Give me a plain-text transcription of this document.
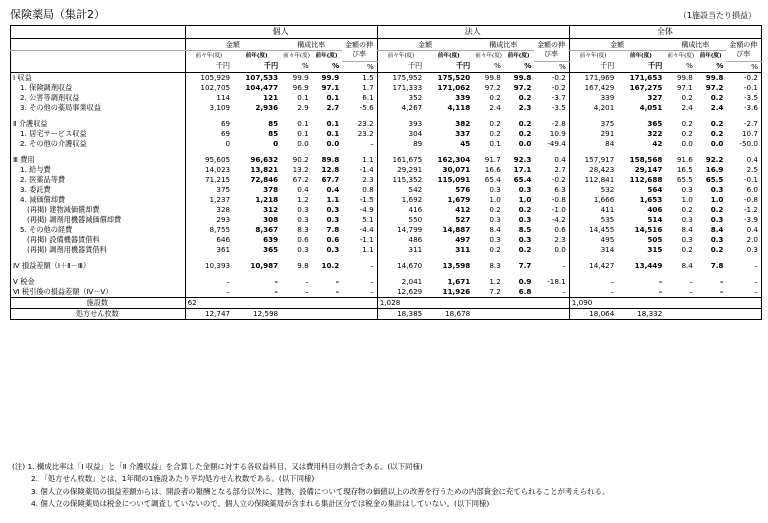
保険薬局（集計2）	（1施設当たり損益）
	個人					法人					全体				
	金額		構成比率		金額の伸び率	金額		構成比率		金額の伸び率	金額		構成比率		金額の伸び率
	前々年(度)	前年(度)	前々年(度)	前年(度)		前々年(度)	前年(度)	前々年(度)	前年(度)		前々年(度)	前年(度)	前々年(度)	前年(度)	
	千円	千円	%	%	%	千円	千円	%	%	%	千円	千円	%	%	%
Ⅰ 収益	105,929	107,533	99.9	99.9	1.5	175,952	175,520	99.8	99.8	-0.2	171,969	171,653	99.8	99.8	-0.2
1. 保険調剤収益	102,705	104,477	96.9	97.1	1.7	171,333	171,062	97.2	97.2	-0.2	167,429	167,275	97.1	97.2	-0.1
2. 公害等調剤収益	114	121	0.1	0.1	6.1	352	339	0.2	0.2	-3.7	339	327	0.2	0.2	-3.5
3. その他の薬局事業収益	3,109	2,936	2.9	2.7	-5.6	4,267	4,118	2.4	2.3	-3.5	4,201	4,051	2.4	2.4	-3.6

Ⅱ 介護収益	69	85	0.1	0.1	23.2	393	382	0.2	0.2	-2.8	375	365	0.2	0.2	-2.7
1. 居宅サービス収益	69	85	0.1	0.1	23.2	304	337	0.2	0.2	10.9	291	322	0.2	0.2	10.7
2. その他の介護収益	0	0	0.0	0.0	–	89	45	0.1	0.0	-49.4	84	42	0.0	0.0	-50.0

Ⅲ 費用	95,605	96,632	90.2	89.8	1.1	161,675	162,304	91.7	92.3	0.4	157,917	158,568	91.6	92.2	0.4
1. 給与費	14,023	13,821	13.2	12.8	-1.4	29,291	30,071	16.6	17.1	2.7	28,423	29,147	16.5	16.9	2.5
2. 医薬品等費	71,215	72,846	67.2	67.7	2.3	115,352	115,091	65.4	65.4	-0.2	112,841	112,688	65.5	65.5	-0.1
3. 委託費	375	378	0.4	0.4	0.8	542	576	0.3	0.3	6.3	532	564	0.3	0.3	6.0
4. 減価償却費	1,237	1,218	1.2	1.1	-1.5	1,692	1,679	1.0	1.0	-0.8	1,666	1,653	1.0	1.0	-0.8
(再掲) 建物減価償却費	328	312	0.3	0.3	-4.9	416	412	0.2	0.2	-1.0	411	406	0.2	0.2	-1.2
(再掲) 調剤用機器減価償却費	293	308	0.3	0.3	5.1	550	527	0.3	0.3	-4.2	535	514	0.3	0.3	-3.9
5. その他の経費	8,755	8,367	8.3	7.8	-4.4	14,799	14,887	8.4	8.5	0.6	14,455	14,516	8.4	8.4	0.4
(再掲) 設備機器賃借料	646	639	0.6	0.6	-1.1	486	497	0.3	0.3	2.3	495	505	0.3	0.3	2.0
(再掲) 調剤用機器賃借料	361	365	0.3	0.3	1.1	311	311	0.2	0.2	0.0	314	315	0.2	0.2	0.3

Ⅳ 損益差額（Ⅰ＋Ⅱ－Ⅲ）	10,393	10,987	9.8	10.2	–	14,670	13,598	8.3	7.7	–	14,427	13,449	8.4	7.8	–

Ⅴ 税金	–	–	–	–	–	2,041	1,671	1.2	0.9	-18.1	–	–	–	–	–
Ⅵ 税引後の損益差額（Ⅳ－Ⅴ）	–	–	–	–	–	12,629	11,926	7.2	6.8	–	–	–	–	–	–
施設数	62					1,028					1,090				
処方せん枚数	12,747	12,598				18,385	18,678				18,064	18,332			
(注) 1. 構成比率は「Ⅰ 収益」と「Ⅱ 介護収益」を合算した金額に対する各収益科目、又は費用科目の割合である。(以下同様)
2. 「処方せん枚数」とは、1年間の1施設あたり平均処方せん枚数である。(以下同様)
3. 個人立の保険薬局の損益差額からは、開設者の報酬となる部分以外に、建物、設備について現存物の価値以上の改善を行うための内部資金に充てられることが考えられる。
4. 個人立の保険薬局は税金について調査していないので、個人立の保険薬局が含まれる集計区分では税金の集計はしていない。(以下同様)
